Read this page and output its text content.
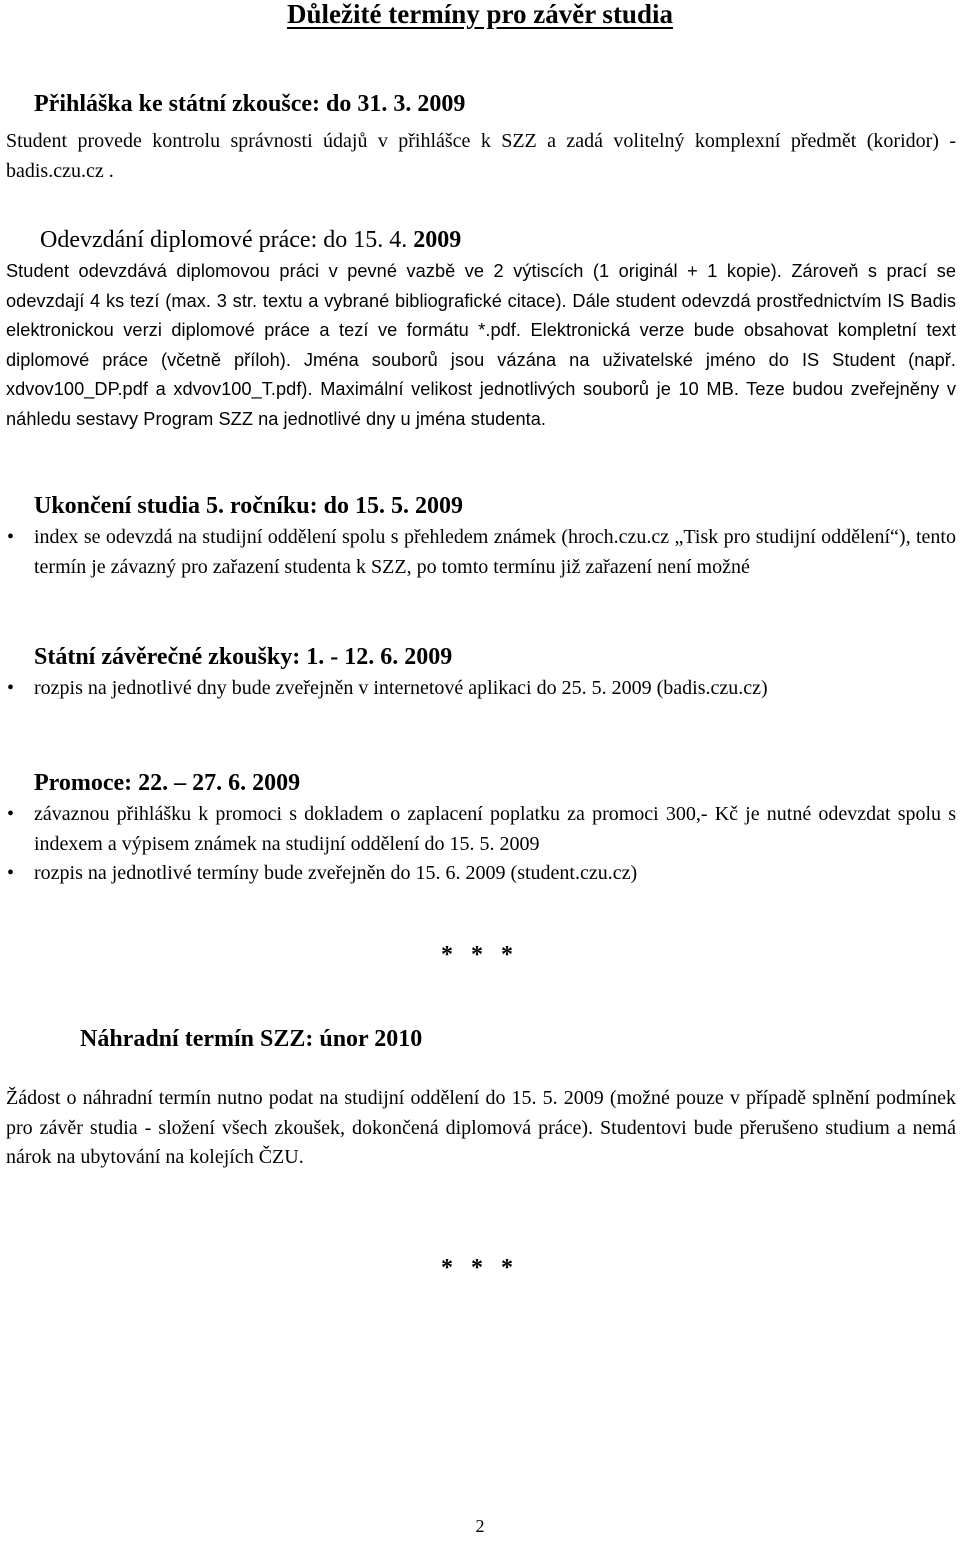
Důležité termíny pro závěr studia
Přihláška ke státní zkoušce: do 31. 3. 2009
Student provede kontrolu správnosti údajů v přihlášce k SZZ a zadá volitelný komplexní předmět (koridor) - badis.czu.cz .
Odevzdání diplomové práce: do 15. 4. 2009
Student odevzdává diplomovou práci v pevné vazbě ve 2 výtiscích (1 originál + 1 kopie). Zároveň s prací se odevzdají 4 ks tezí (max. 3 str. textu a vybrané bibliografické citace). Dále student odevzdá prostřednictvím IS Badis elektronickou verzi diplomové práce a tezí ve formátu *.pdf. Elektronická verze bude obsahovat kompletní text diplomové práce (včetně příloh). Jména souborů jsou vázána na uživatelské jméno do IS Student (např. xdvov100_DP.pdf a xdvov100_T.pdf). Maximální velikost jednotlivých souborů je 10 MB. Teze budou zveřejněny v náhledu sestavy Program SZZ na jednotlivé dny u jména studenta.
Ukončení studia 5. ročníku: do 15. 5. 2009
• index se odevzdá na studijní oddělení spolu s přehledem známek (hroch.czu.cz „Tisk pro studijní oddělení“), tento termín je závazný pro zařazení studenta k SZZ, po tomto termínu již zařazení není možné
Státní závěrečné zkoušky: 1. - 12. 6. 2009
• rozpis na jednotlivé dny bude zveřejněn v internetové aplikaci do 25. 5. 2009 (badis.czu.cz)
Promoce: 22. – 27. 6. 2009
• závaznou přihlášku k promoci s dokladem o zaplacení poplatku za promoci 300,- Kč je nutné odevzdat spolu s indexem a výpisem známek na studijní oddělení do 15. 5. 2009
• rozpis na jednotlivé termíny bude zveřejněn do 15. 6. 2009 (student.czu.cz)
* * *
Náhradní termín SZZ: únor 2010
Žádost o náhradní termín nutno podat na studijní oddělení do 15. 5. 2009 (možné pouze v případě splnění podmínek pro závěr studia - složení všech zkoušek, dokončená diplomová práce). Studentovi bude přerušeno studium a nemá nárok na ubytování na kolejích ČZU.
* * *
2
